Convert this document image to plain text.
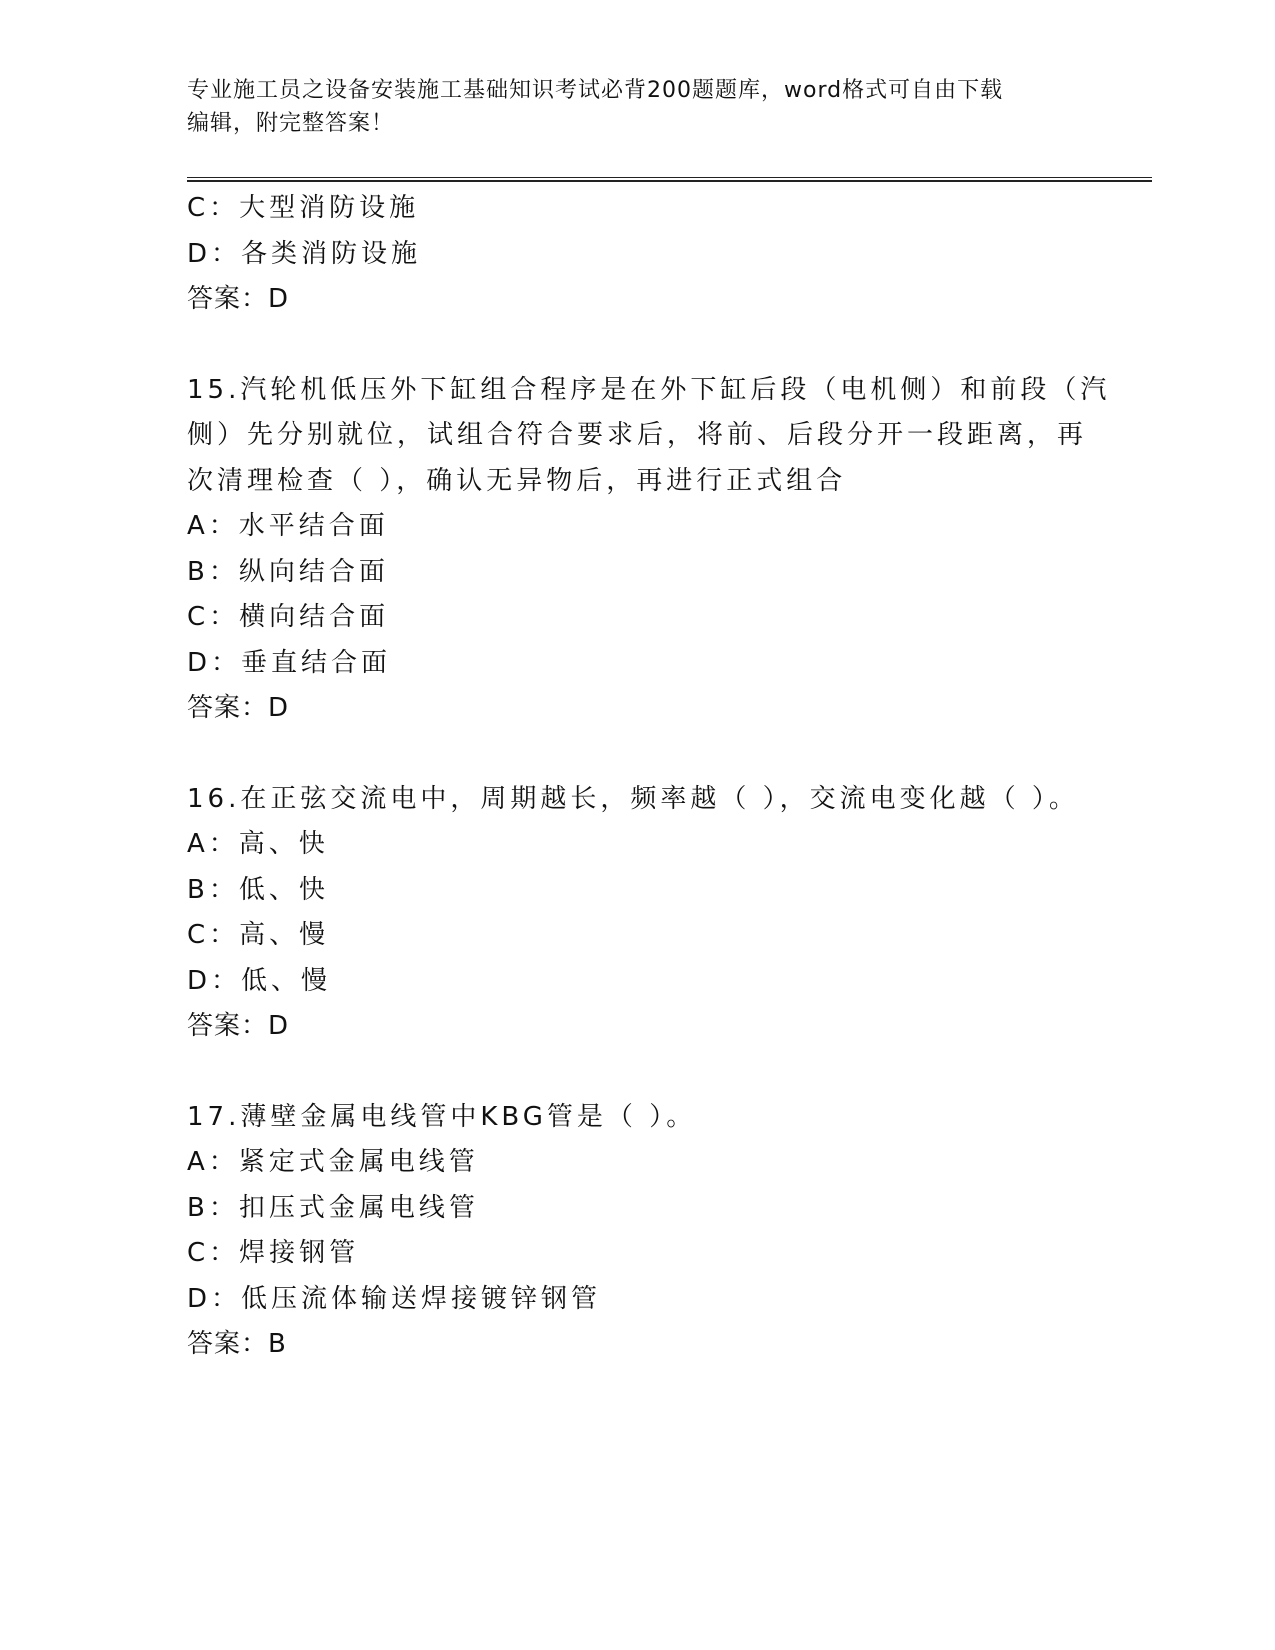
专业施工员之设备安装施工基础知识考试必背200题题库，word格式可自由下载
编辑，附完整答案！
C：大型消防设施
D：各类消防设施
答案：D
15.汽轮机低压外下缸组合程序是在外下缸后段（电机侧）和前段（汽
侧）先分别就位，试组合符合要求后，将前、后段分开一段距离，再
次清理检查（ ），确认无异物后，再进行正式组合
A：水平结合面
B：纵向结合面
C：横向结合面
D：垂直结合面
答案：D
16.在正弦交流电中，周期越长，频率越（ ），交流电变化越（ ）。
A：高、快
B：低、快
C：高、慢
D：低、慢
答案：D
17.薄壁金属电线管中KBG管是（ ）。
A：紧定式金属电线管
B：扣压式金属电线管
C：焊接钢管
D：低压流体输送焊接镀锌钢管
答案：B
